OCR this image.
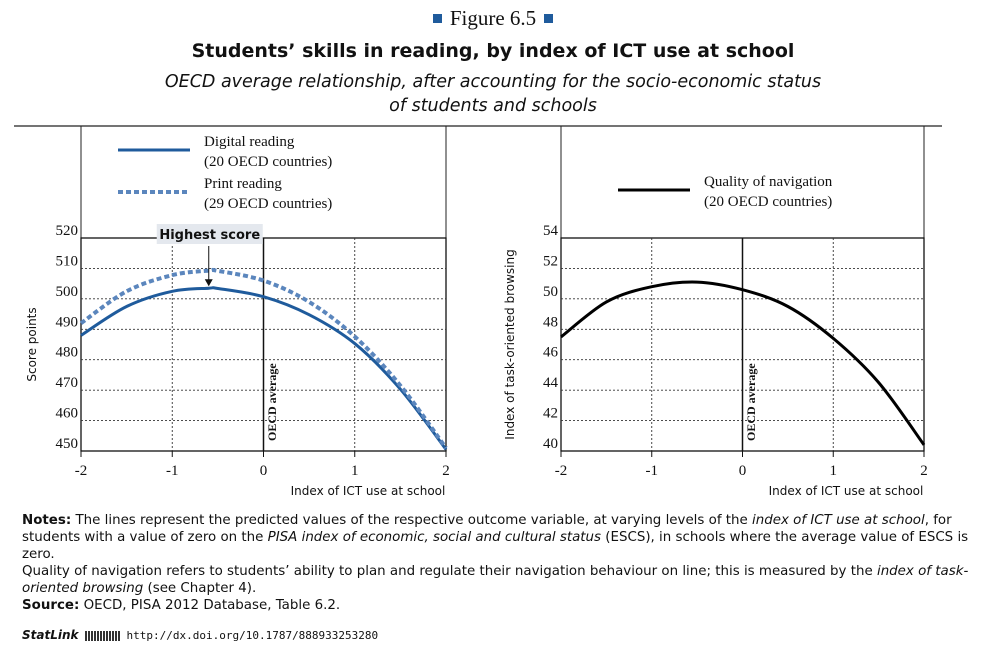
Figure 6.5
Students’ skills in reading, by index of ICT use at school
OECD average relationship, after accounting for the socio-economic status
of students and schools
450
460
470
480
490
500
510
520
-2	-1	0	1	2
OECD average
Index of ICT use at school
Score points
Digital reading
(20 OECD countries)
Print reading
(29 OECD countries)
Highest score
40
42
44
46
48
50
52
54
-2	-1	0	1	2
OECD average
Index of ICT use at school
Index of task-oriented browsing
Quality of navigation
(20 OECD countries)

Notes: The lines represent the predicted values of the respective outcome variable, at varying levels of the index of ICT use at school, for students with a value of zero on the PISA index of economic, social and cultural status (ESCS), in schools where the average value of ESCS is zero.

Quality of navigation refers to students’ ability to plan and regulate their navigation behaviour on line; this is measured by the index of task-oriented browsing (see Chapter 4).

Source: OECD, PISA 2012 Database, Table 6.2.

StatLink	http://dx.doi.org/10.1787/888933253280
